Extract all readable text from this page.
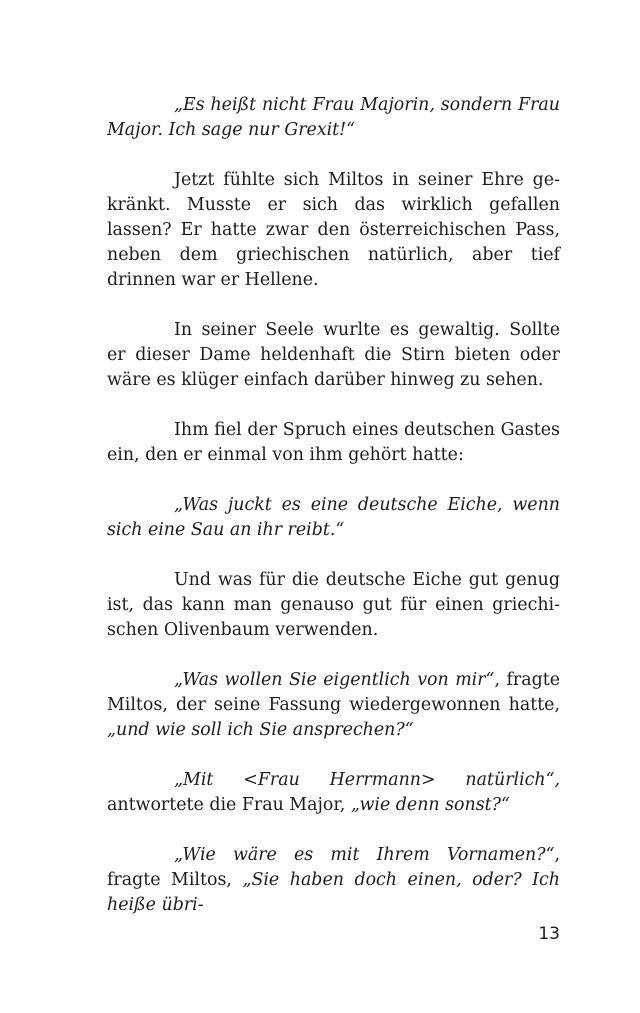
„Es heißt nicht Frau Majorin, sondern Frau Major. Ich sage nur Grexit!“

Jetzt fühlte sich Miltos in seiner Ehre gekränkt. Musste er sich das wirklich gefallen lassen? Er hatte zwar den österreichischen Pass, neben dem griechischen natürlich, aber tief drinnen war er Hellene.

In seiner Seele wurlte es gewaltig. Sollte er dieser Dame heldenhaft die Stirn bieten oder wäre es klüger einfach darüber hinweg zu sehen.

Ihm fiel der Spruch eines deutschen Gastes ein, den er einmal von ihm gehört hatte:

„Was juckt es eine deutsche Eiche, wenn sich eine Sau an ihr reibt.“

Und was für die deutsche Eiche gut genug ist, das kann man genauso gut für einen griechischen Olivenbaum verwenden.

„Was wollen Sie eigentlich von mir“, fragte Miltos, der seine Fassung wiedergewonnen hatte, „und wie soll ich Sie ansprechen?“

„Mit <Frau Herrmann> natürlich“, antwortete die Frau Major, „wie denn sonst?“

„Wie wäre es mit Ihrem Vornamen?“, fragte Miltos, „Sie haben doch einen, oder? Ich heiße übri-

13
